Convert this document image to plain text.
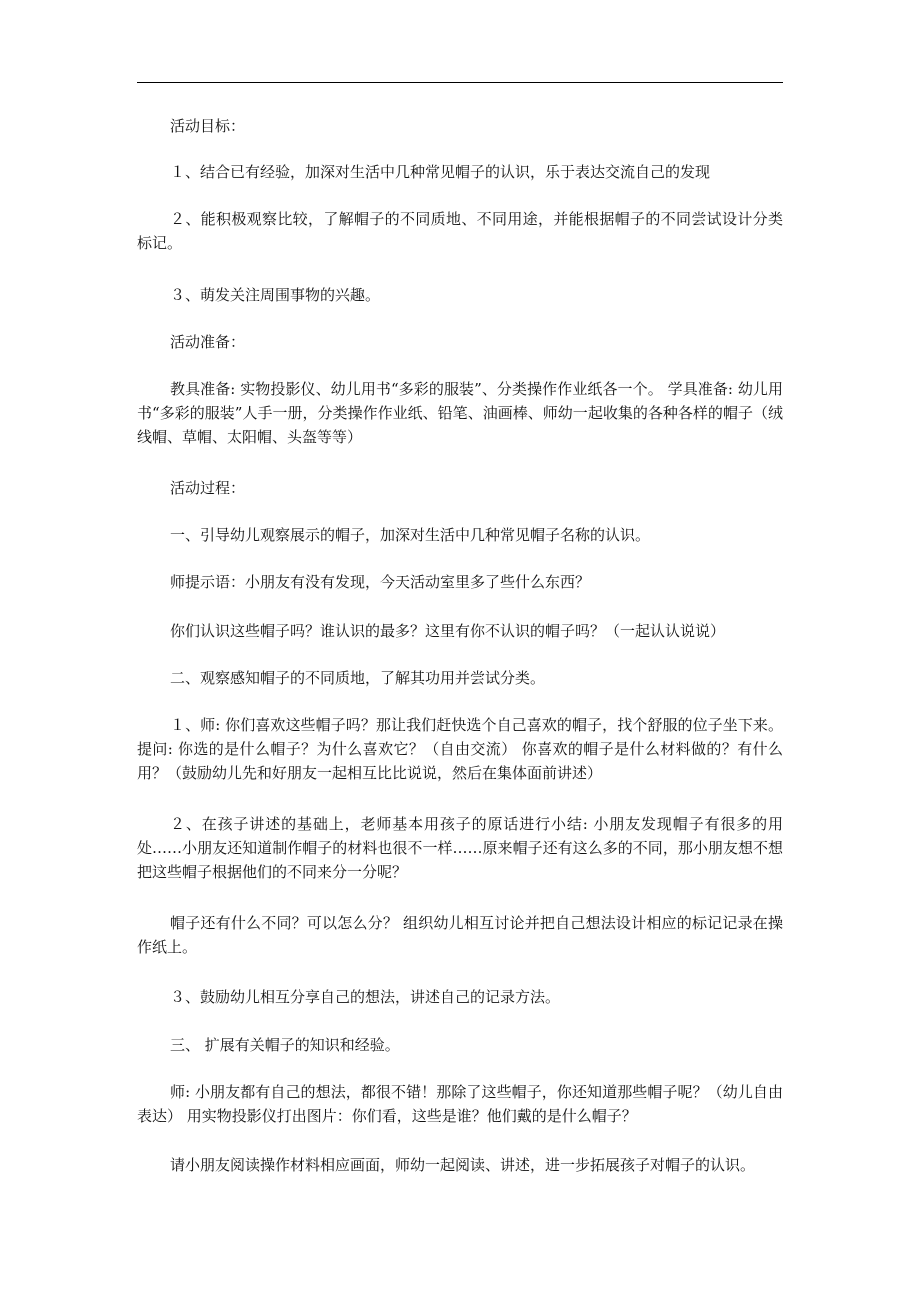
活动目标：

１、结合已有经验，加深对生活中几种常见帽子的认识，乐于表达交流自己的发现

２、能积极观察比较，了解帽子的不同质地、不同用途，并能根据帽子的不同尝试设计分类标记。

３、萌发关注周围事物的兴趣。

活动准备：

教具准备: 实物投影仪、幼儿用书“多彩的服装”、分类操作作业纸各一个。 学具准备: 幼儿用书“多彩的服装”人手一册，分类操作作业纸、铅笔、油画棒、师幼一起收集的各种各样的帽子（绒线帽、草帽、太阳帽、头盔等等）

活动过程：

一、引导幼儿观察展示的帽子，加深对生活中几种常见帽子名称的认识。

师提示语：小朋友有没有发现，今天活动室里多了些什么东西？

你们认识这些帽子吗？谁认识的最多？这里有你不认识的帽子吗？（一起认认说说）

二、观察感知帽子的不同质地，了解其功用并尝试分类。

１、师: 你们喜欢这些帽子吗？那让我们赶快选个自己喜欢的帽子，找个舒服的位子坐下来。 提问: 你选的是什么帽子？为什么喜欢它？（自由交流） 你喜欢的帽子是什么材料做的？有什么用？（鼓励幼儿先和好朋友一起相互比比说说，然后在集体面前讲述）

２、在孩子讲述的基础上，老师基本用孩子的原话进行小结: 小朋友发现帽子有很多的用处……小朋友还知道制作帽子的材料也很不一样……原来帽子还有这么多的不同，那小朋友想不想把这些帽子根据他们的不同来分一分呢？

帽子还有什么不同？可以怎么分？ 组织幼儿相互讨论并把自己想法设计相应的标记记录在操作纸上。

３、鼓励幼儿相互分享自己的想法，讲述自己的记录方法。

三、 扩展有关帽子的知识和经验。

师: 小朋友都有自己的想法，都很不错！那除了这些帽子，你还知道那些帽子呢？（幼儿自由表达） 用实物投影仪打出图片：你们看，这些是谁？他们戴的是什么帽子？

请小朋友阅读操作材料相应画面，师幼一起阅读、讲述，进一步拓展孩子对帽子的认识。
